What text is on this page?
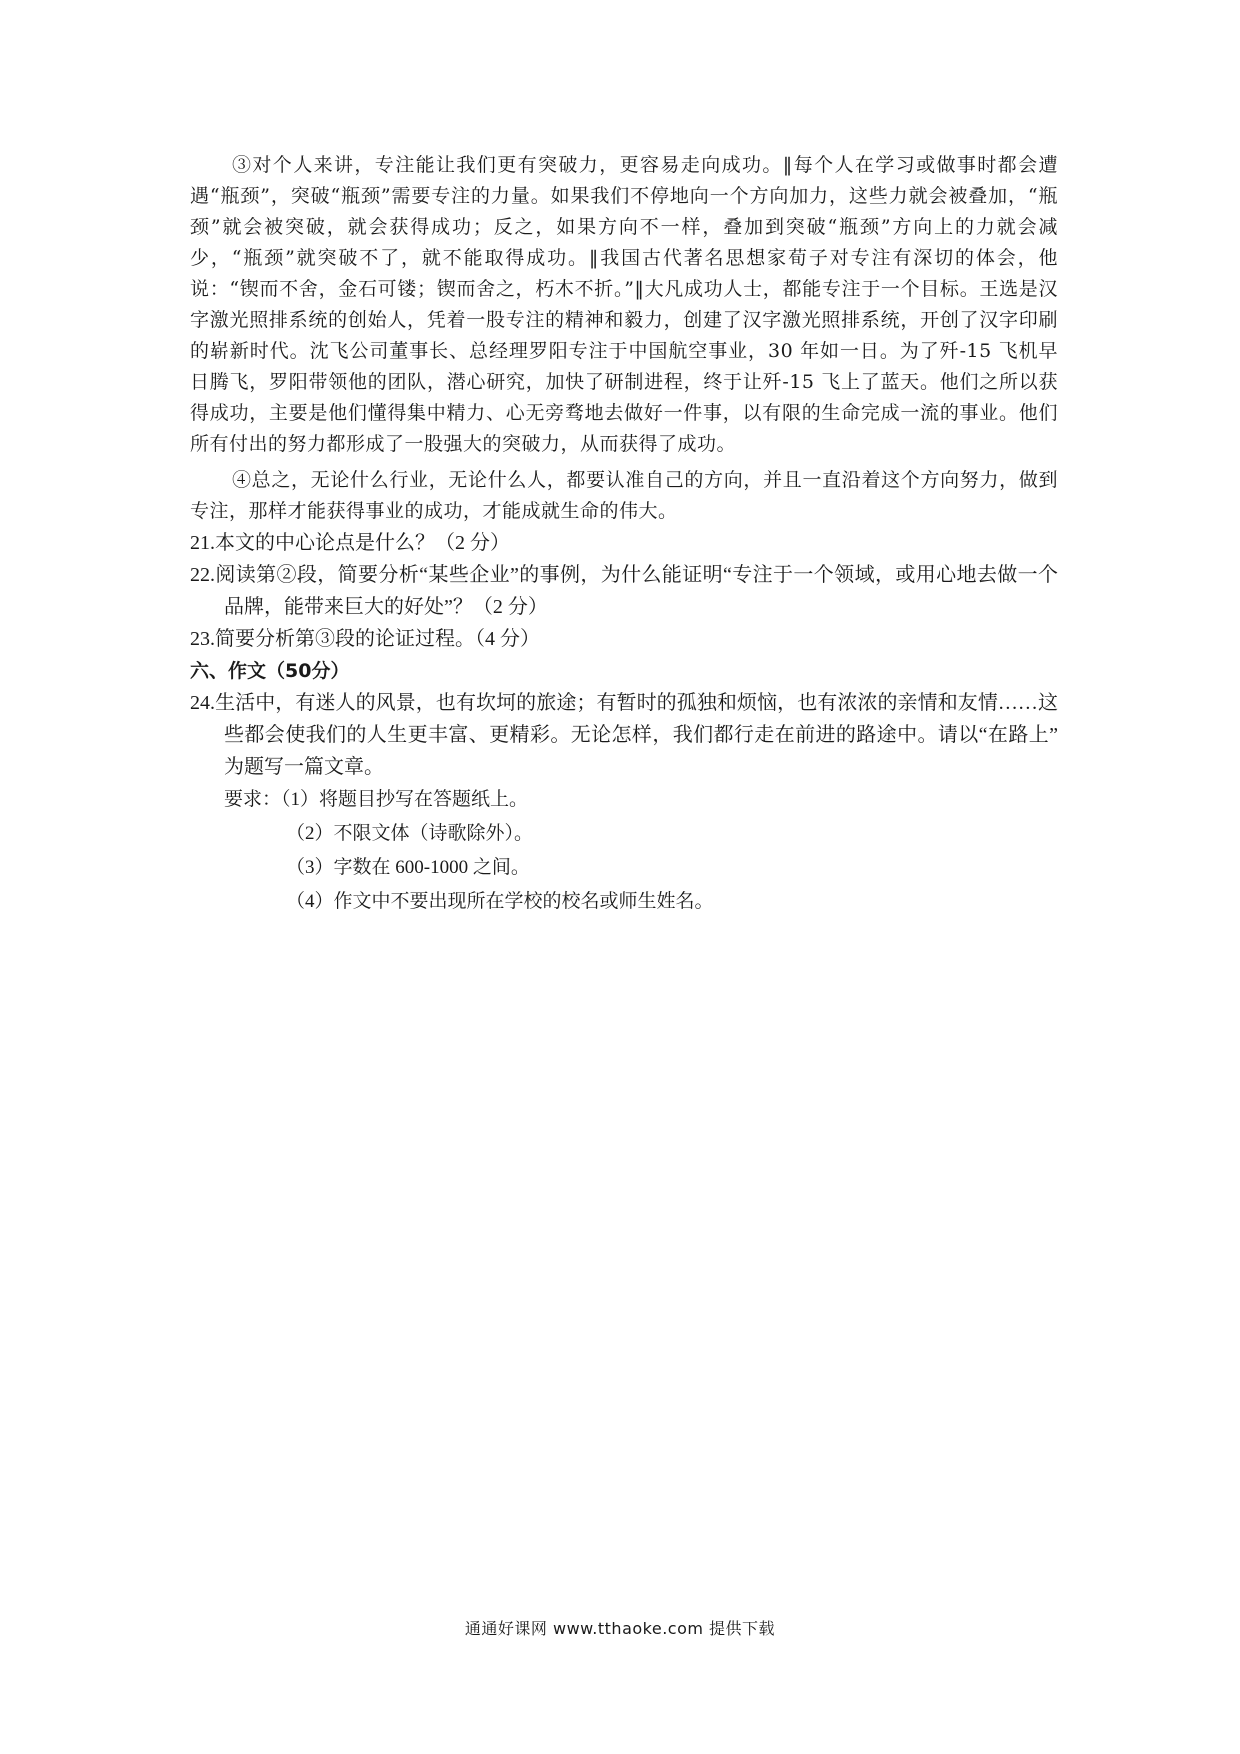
③对个人来讲，专注能让我们更有突破力，更容易走向成功。‖每个人在学习或做事时都会遭遇“瓶颈”，突破“瓶颈”需要专注的力量。如果我们不停地向一个方向加力，这些力就会被叠加，“瓶颈”就会被突破，就会获得成功；反之，如果方向不一样，叠加到突破“瓶颈”方向上的力就会减少，“瓶颈”就突破不了，就不能取得成功。‖我国古代著名思想家荀子对专注有深切的体会，他说：“锲而不舍，金石可镂；锲而舍之，朽木不折。”‖大凡成功人士，都能专注于一个目标。王选是汉字激光照排系统的创始人，凭着一股专注的精神和毅力，创建了汉字激光照排系统，开创了汉字印刷的崭新时代。沈飞公司董事长、总经理罗阳专注于中国航空事业，30 年如一日。为了歼-15 飞机早日腾飞，罗阳带领他的团队，潜心研究，加快了研制进程，终于让歼-15 飞上了蓝天。他们之所以获得成功，主要是他们懂得集中精力、心无旁骛地去做好一件事，以有限的生命完成一流的事业。他们所有付出的努力都形成了一股强大的突破力，从而获得了成功。

④总之，无论什么行业，无论什么人，都要认准自己的方向，并且一直沿着这个方向努力，做到专注，那样才能获得事业的成功，才能成就生命的伟大。

21.本文的中心论点是什么？（2 分）

22.阅读第②段，简要分析“某些企业”的事例，为什么能证明“专注于一个领域，或用心地去做一个品牌，能带来巨大的好处”？（2 分）

23.简要分析第③段的论证过程。（4 分）

六、作文（50分）

24.生活中，有迷人的风景，也有坎坷的旅途；有暂时的孤独和烦恼，也有浓浓的亲情和友情……这些都会使我们的人生更丰富、更精彩。无论怎样，我们都行走在前进的路途中。请以“在路上” 为题写一篇文章。

要求：（1）将题目抄写在答题纸上。

（2）不限文体（诗歌除外）。

（3）字数在 600-1000 之间。

（4）作文中不要出现所在学校的校名或师生姓名。

通通好课网 www.tthaoke.com 提供下载
